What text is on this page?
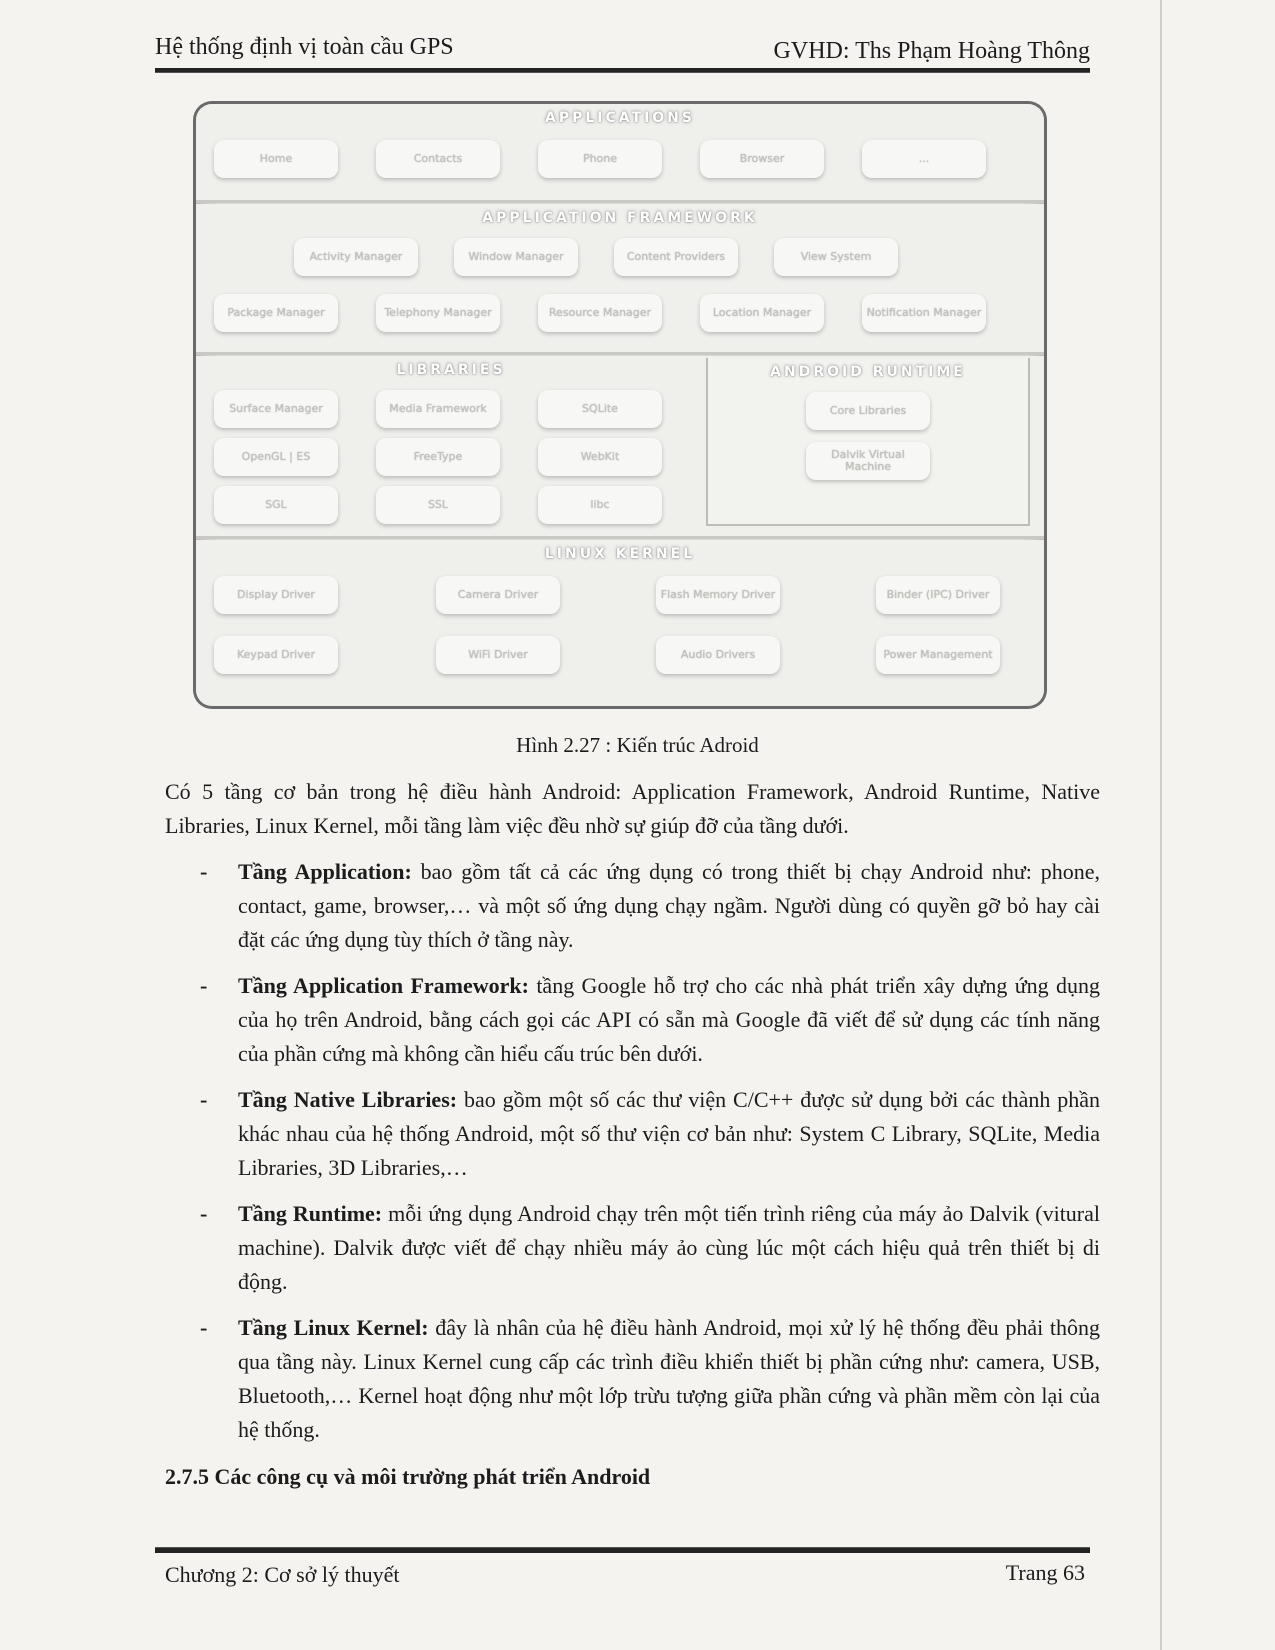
Hệ thống định vị toàn cầu GPS	GVHD: Ths Phạm Hoàng Thông
APPLICATIONS
Home	Contacts	Phone	Browser	...
APPLICATION FRAMEWORK
Activity Manager	Window Manager	Content Providers	View System
Package Manager	Telephony Manager	Resource Manager	Location Manager	Notification Manager
LIBRARIES
Surface Manager	Media Framework	SQLite
OpenGL | ES	FreeType	WebKit
SGL	SSL	libc
ANDROID RUNTIME
Core Libraries
Dalvik Virtual Machine
LINUX KERNEL
Display Driver	Camera Driver	Flash Memory Driver	Binder (IPC) Driver
Keypad Driver	WiFi Driver	Audio Drivers	Power Management
Hình 2.27 : Kiến trúc Adroid
Có 5 tầng cơ bản trong hệ điều hành Android: Application Framework, Android Runtime, Native Libraries, Linux Kernel, mỗi tầng làm việc đều nhờ sự giúp đỡ của tầng dưới.
- Tầng Application: bao gồm tất cả các ứng dụng có trong thiết bị chạy Android như: phone, contact, game, browser,… và một số ứng dụng chạy ngầm. Người dùng có quyền gỡ bỏ hay cài đặt các ứng dụng tùy thích ở tầng này.
- Tầng Application Framework: tầng Google hỗ trợ cho các nhà phát triển xây dựng ứng dụng của họ trên Android, bằng cách gọi các API có sẵn mà Google đã viết để sử dụng các tính năng của phần cứng mà không cần hiểu cấu trúc bên dưới.
- Tầng Native Libraries: bao gồm một số các thư viện C/C++ được sử dụng bởi các thành phần khác nhau của hệ thống Android, một số thư viện cơ bản như: System C Library, SQLite, Media Libraries, 3D Libraries,…
- Tầng Runtime: mỗi ứng dụng Android chạy trên một tiến trình riêng của máy ảo Dalvik (vitural machine). Dalvik được viết để chạy nhiều máy ảo cùng lúc một cách hiệu quả trên thiết bị di động.
- Tầng Linux Kernel: đây là nhân của hệ điều hành Android, mọi xử lý hệ thống đều phải thông qua tầng này. Linux Kernel cung cấp các trình điều khiển thiết bị phần cứng như: camera, USB, Bluetooth,… Kernel hoạt động như một lớp trừu tượng giữa phần cứng và phần mềm còn lại của hệ thống.
2.7.5 Các công cụ và môi trường phát triển Android
Chương 2: Cơ sở lý thuyết	Trang 63
